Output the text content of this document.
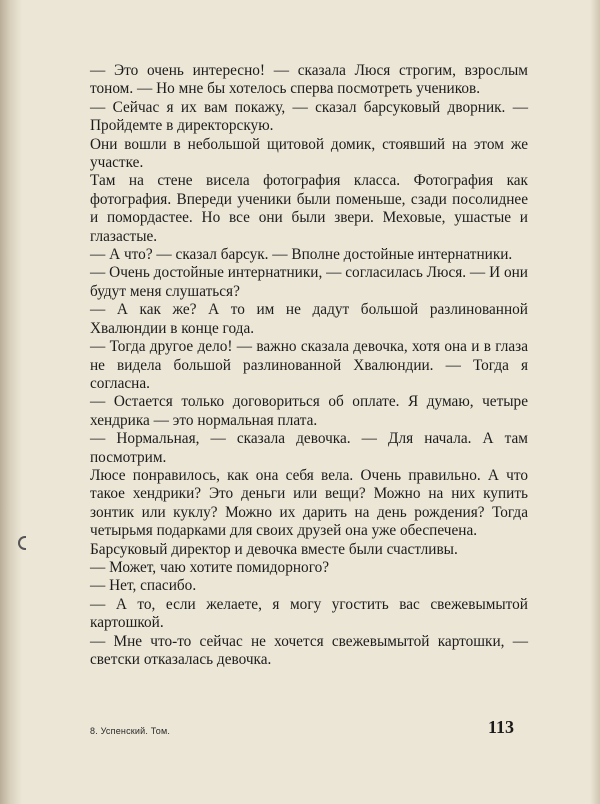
— Это очень интересно! — сказала Люся строгим, взрослым тоном. — Но мне бы хотелось сперва посмотреть учеников.

— Сейчас я их вам покажу, — сказал барсуковый дворник. — Пройдемте в директорскую.

Они вошли в небольшой щитовой домик, стоявший на этом же участке.

Там на стене висела фотография класса. Фотография как фотография. Впереди ученики были поменьше, сзади посолиднее и помордастее. Но все они были звери. Меховые, ушастые и глазастые.

— А что? — сказал барсук. — Вполне достойные интернатники.

— Очень достойные интернатники, — согласилась Люся. — И они будут меня слушаться?

— А как же? А то им не дадут большой разлинованной Хвалюндии в конце года.

— Тогда другое дело! — важно сказала девочка, хотя она и в глаза не видела большой разлинованной Хвалюндии. — Тогда я согласна.

— Остается только договориться об оплате. Я думаю, четыре хендрика — это нормальная плата.

— Нормальная, — сказала девочка. — Для начала. А там посмотрим.

Люсе понравилось, как она себя вела. Очень правильно. А что такое хендрики? Это деньги или вещи? Можно на них купить зонтик или куклу? Можно их дарить на день рождения? Тогда четырьмя подарками для своих друзей она уже обеспечена.

Барсуковый директор и девочка вместе были счастливы.

— Может, чаю хотите помидорного?

— Нет, спасибо.

— А то, если желаете, я могу угостить вас свежевымытой картошкой.

— Мне что-то сейчас не хочется свежевымытой картошки, — светски отказалась девочка.

8. Успенский. Том.	113
